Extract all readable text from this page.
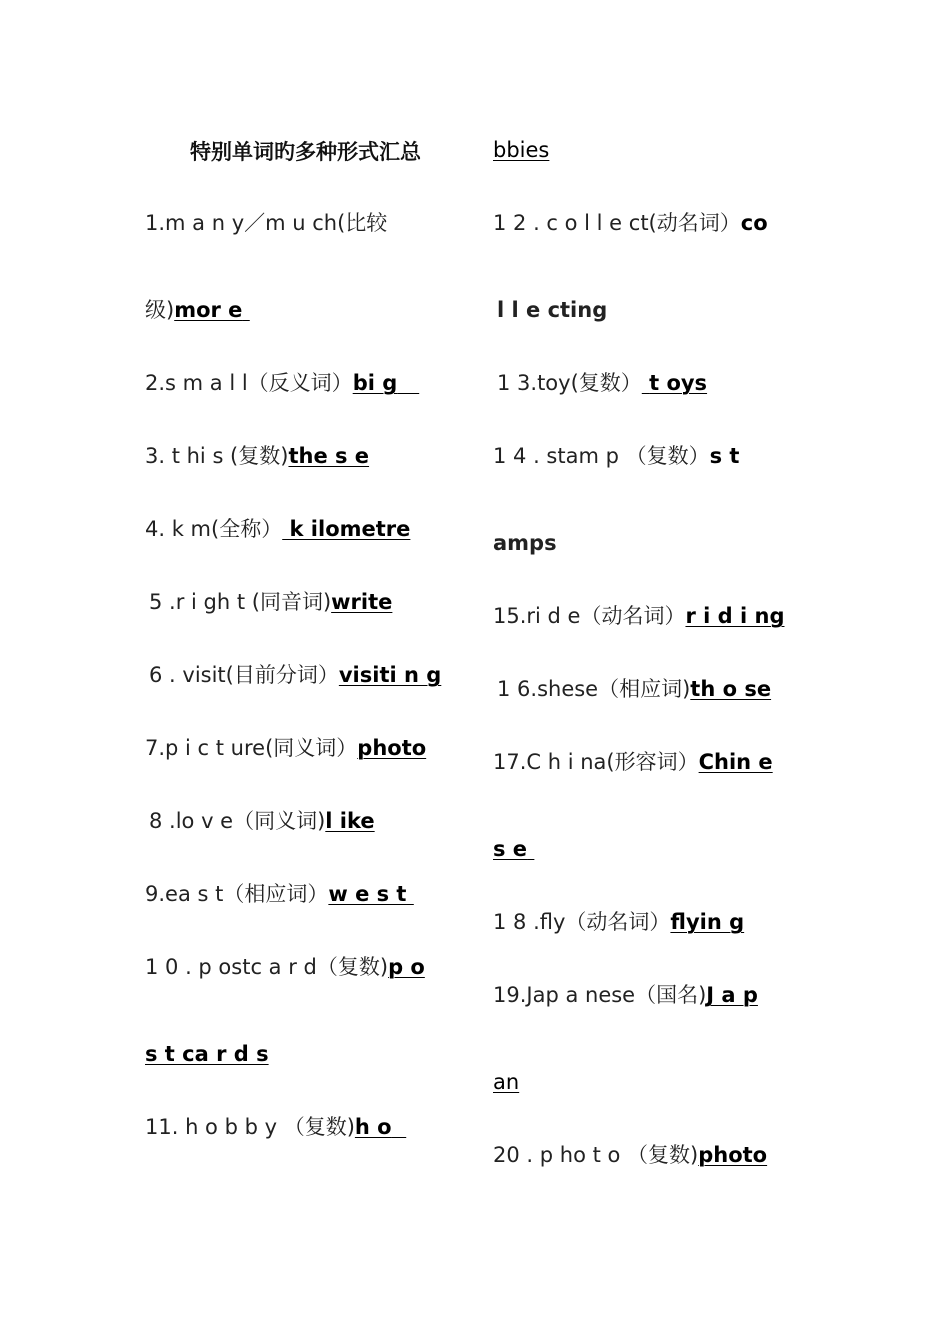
特别单词旳多种形式汇总
1.m a n y／m u ch(比较
级)mor e
2.s m a l l（反义词）bi g
3. t hi s (复数)the s e
4. k m(全称） k ilometre
5 .r i gh t (同音词)write
6 . visit(目前分词）visiti n g
7.p i c t ure(同义词）photo
8 .lo v e（同义词)l ike
9.ea s t（相应词）w e s t
1 0 . p ostc a r d（复数)p o
s t ca r d s
11. h o b b y （复数)h o
bbies
1 2 . c o l l e ct(动名词）co
l l e cting
1 3.toy(复数） t oys
1 4 . stam p （复数）s t
amps
15.ri d e（动名词）r i d i ng
1 6.shese（相应词)th o se
17.C h i na(形容词）Chin e
s e
1 8 .fly（动名词）flyin g
19.Jap a nese（国名)J a p
an
20 . p ho t o （复数)photo
